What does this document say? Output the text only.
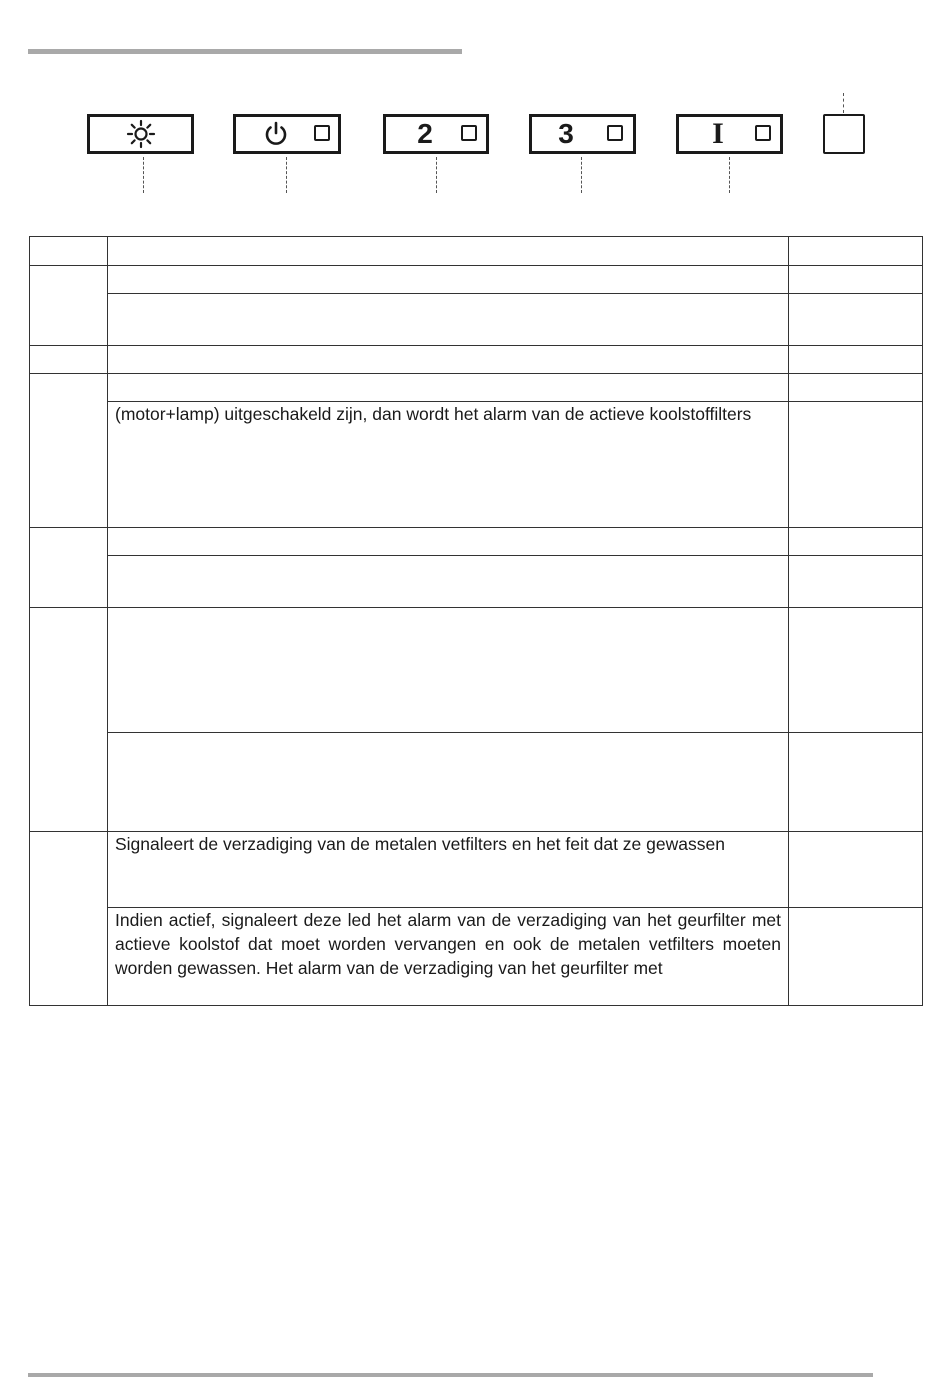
2	3	I

	(motor+lamp) uitgeschakeld zijn, dan wordt het alarm van de actieve koolstoffilters	

	Signaleert de verzadiging van de metalen vetfilters en het feit dat ze gewassen	
	Indien actief, signaleert deze led het alarm van de verzadiging van het geurfilter met actieve koolstof dat moet worden vervangen en ook de metalen vetfilters moeten worden gewassen. Het alarm van de verzadiging van het geurfilter met	
